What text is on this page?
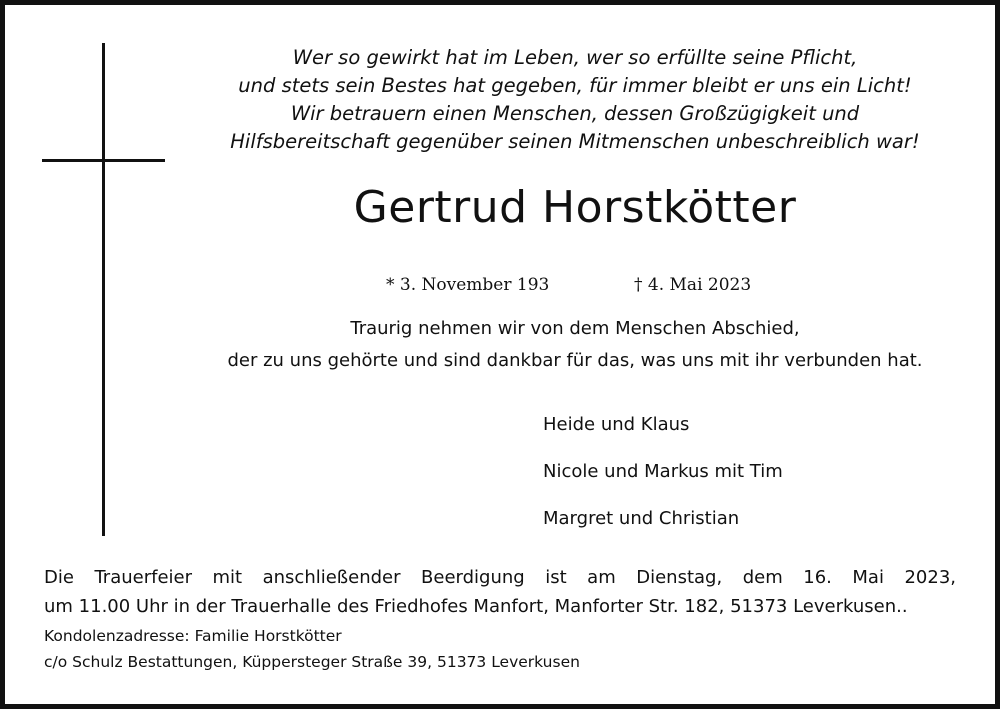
Wer so gewirkt hat im Leben, wer so erfüllte seine Pflicht,
und stets sein Bestes hat gegeben, für immer bleibt er uns ein Licht!
Wir betrauern einen Menschen, dessen Großzügigkeit und
Hilfsbereitschaft gegenüber seinen Mitmenschen unbeschreiblich war!
Gertrud Horstkötter
* 3. November 193	† 4. Mai 2023
Traurig nehmen wir von dem Menschen Abschied,
der zu uns gehörte und sind dankbar für das, was uns mit ihr verbunden hat.
Heide und Klaus
Nicole und Markus mit Tim
Margret und Christian
Die Trauerfeier mit anschließender Beerdigung ist am Dienstag, dem 16. Mai 2023,
um 11.00 Uhr in der Trauerhalle des Friedhofes Manfort, Manforter Str. 182, 51373 Leverkusen..
Kondolenzadresse: Familie Horstkötter
c/o Schulz Bestattungen, Küppersteger Straße 39, 51373 Leverkusen
